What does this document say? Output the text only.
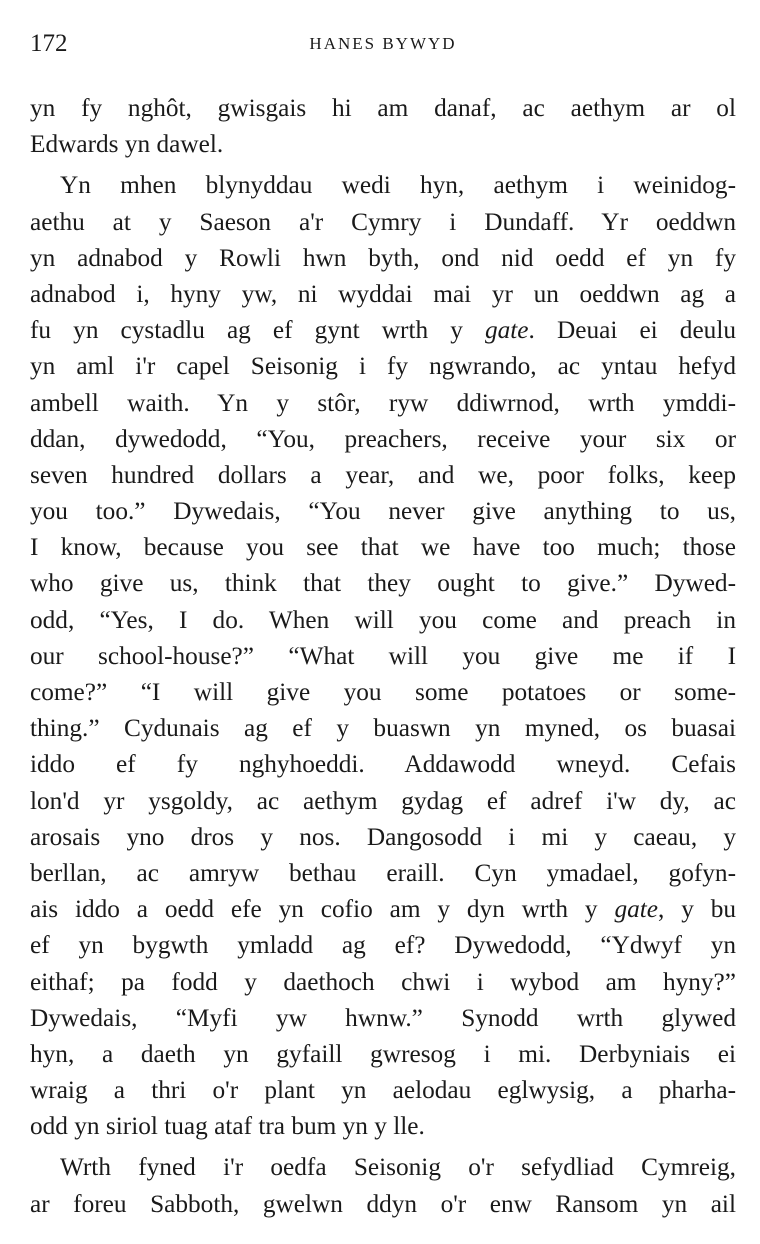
172	HANES BYWYD
yn fy nghôt, gwisgais hi am danaf, ac aethym ar ol
Edwards yn dawel.
Yn mhen blynyddau wedi hyn, aethym i weinidog-
aethu at y Saeson a'r Cymry i Dundaff. Yr oeddwn
yn adnabod y Rowli hwn byth, ond nid oedd ef yn fy
adnabod i, hyny yw, ni wyddai mai yr un oeddwn ag a
fu yn cystadlu ag ef gynt wrth y gate. Deuai ei deulu
yn aml i'r capel Seisonig i fy ngwrando, ac yntau hefyd
ambell waith. Yn y stôr, ryw ddiwrnod, wrth ymddi-
ddan, dywedodd, “You, preachers, receive your six or
seven hundred dollars a year, and we, poor folks, keep
you too.” Dywedais, “You never give anything to us,
I know, because you see that we have too much; those
who give us, think that they ought to give.” Dywed-
odd, “Yes, I do. When will you come and preach in
our school-house?” “What will you give me if I
come?” “I will give you some potatoes or some-
thing.” Cydunais ag ef y buaswn yn myned, os buasai
iddo ef fy nghyhoeddi. Addawodd wneyd. Cefais
lon'd yr ysgoldy, ac aethym gydag ef adref i'w dy, ac
arosais yno dros y nos. Dangosodd i mi y caeau, y
berllan, ac amryw bethau eraill. Cyn ymadael, gofyn-
ais iddo a oedd efe yn cofio am y dyn wrth y gate, y bu
ef yn bygwth ymladd ag ef? Dywedodd, “Ydwyf yn
eithaf; pa fodd y daethoch chwi i wybod am hyny?”
Dywedais, “Myfi yw hwnw.” Synodd wrth glywed
hyn, a daeth yn gyfaill gwresog i mi. Derbyniais ei
wraig a thri o'r plant yn aelodau eglwysig, a pharha-
odd yn siriol tuag ataf tra bum yn y lle.
Wrth fyned i'r oedfa Seisonig o'r sefydliad Cymreig,
ar foreu Sabboth, gwelwn ddyn o'r enw Ransom yn ail
